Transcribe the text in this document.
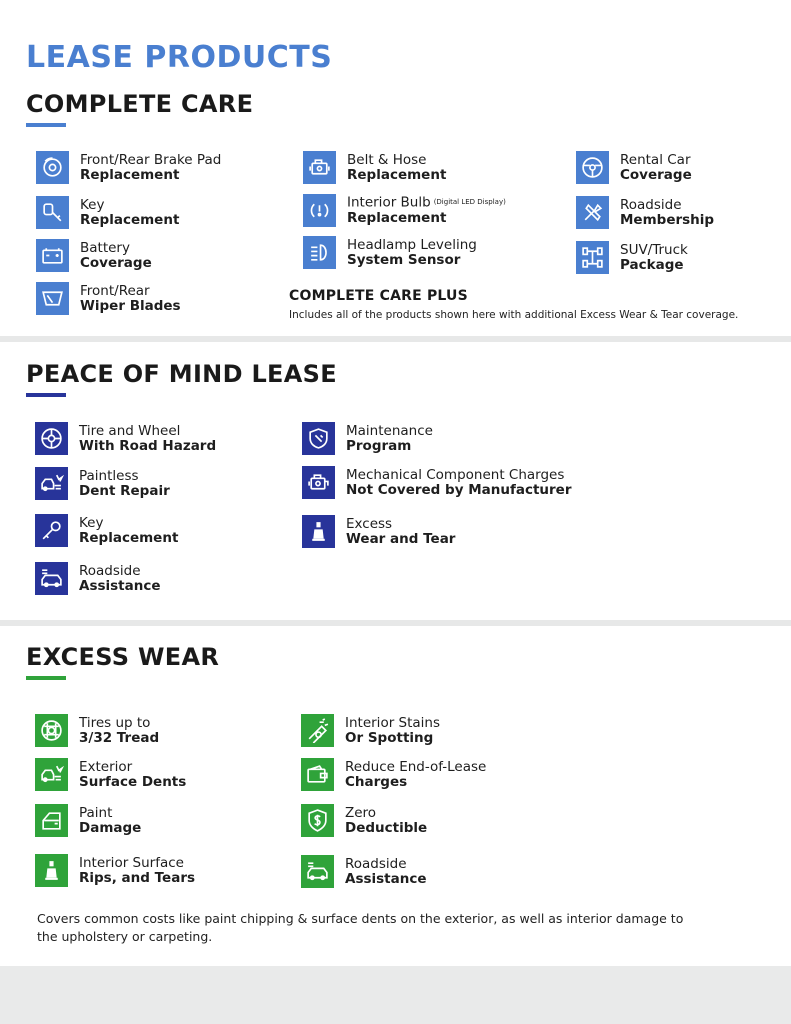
LEASE PRODUCTS
COMPLETE CARE
Front/Rear Brake Pad
Replacement
Key
Replacement
Battery
Coverage
Front/Rear
Wiper Blades
Belt & Hose
Replacement
Interior Bulb (Digital LED Display)
Replacement
Headlamp Leveling
System Sensor
Rental Car
Coverage
Roadside
Membership
SUV/Truck
Package
COMPLETE CARE PLUS
Includes all of the products shown here with additional Excess Wear & Tear coverage.
PEACE OF MIND LEASE
Tire and Wheel
With Road Hazard
Paintless
Dent Repair
Key
Replacement
Roadside
Assistance
Maintenance
Program
Mechanical Component Charges
Not Covered by Manufacturer
Excess
Wear and Tear
EXCESS WEAR
Tires up to
3/32 Tread
Exterior
Surface Dents
Paint
Damage
Interior Surface
Rips, and Tears
Interior Stains
Or Spotting
Reduce End-of-Lease
Charges
Zero
Deductible
Roadside
Assistance
Covers common costs like paint chipping & surface dents on the exterior, as well as interior damage to the upholstery or carpeting.
